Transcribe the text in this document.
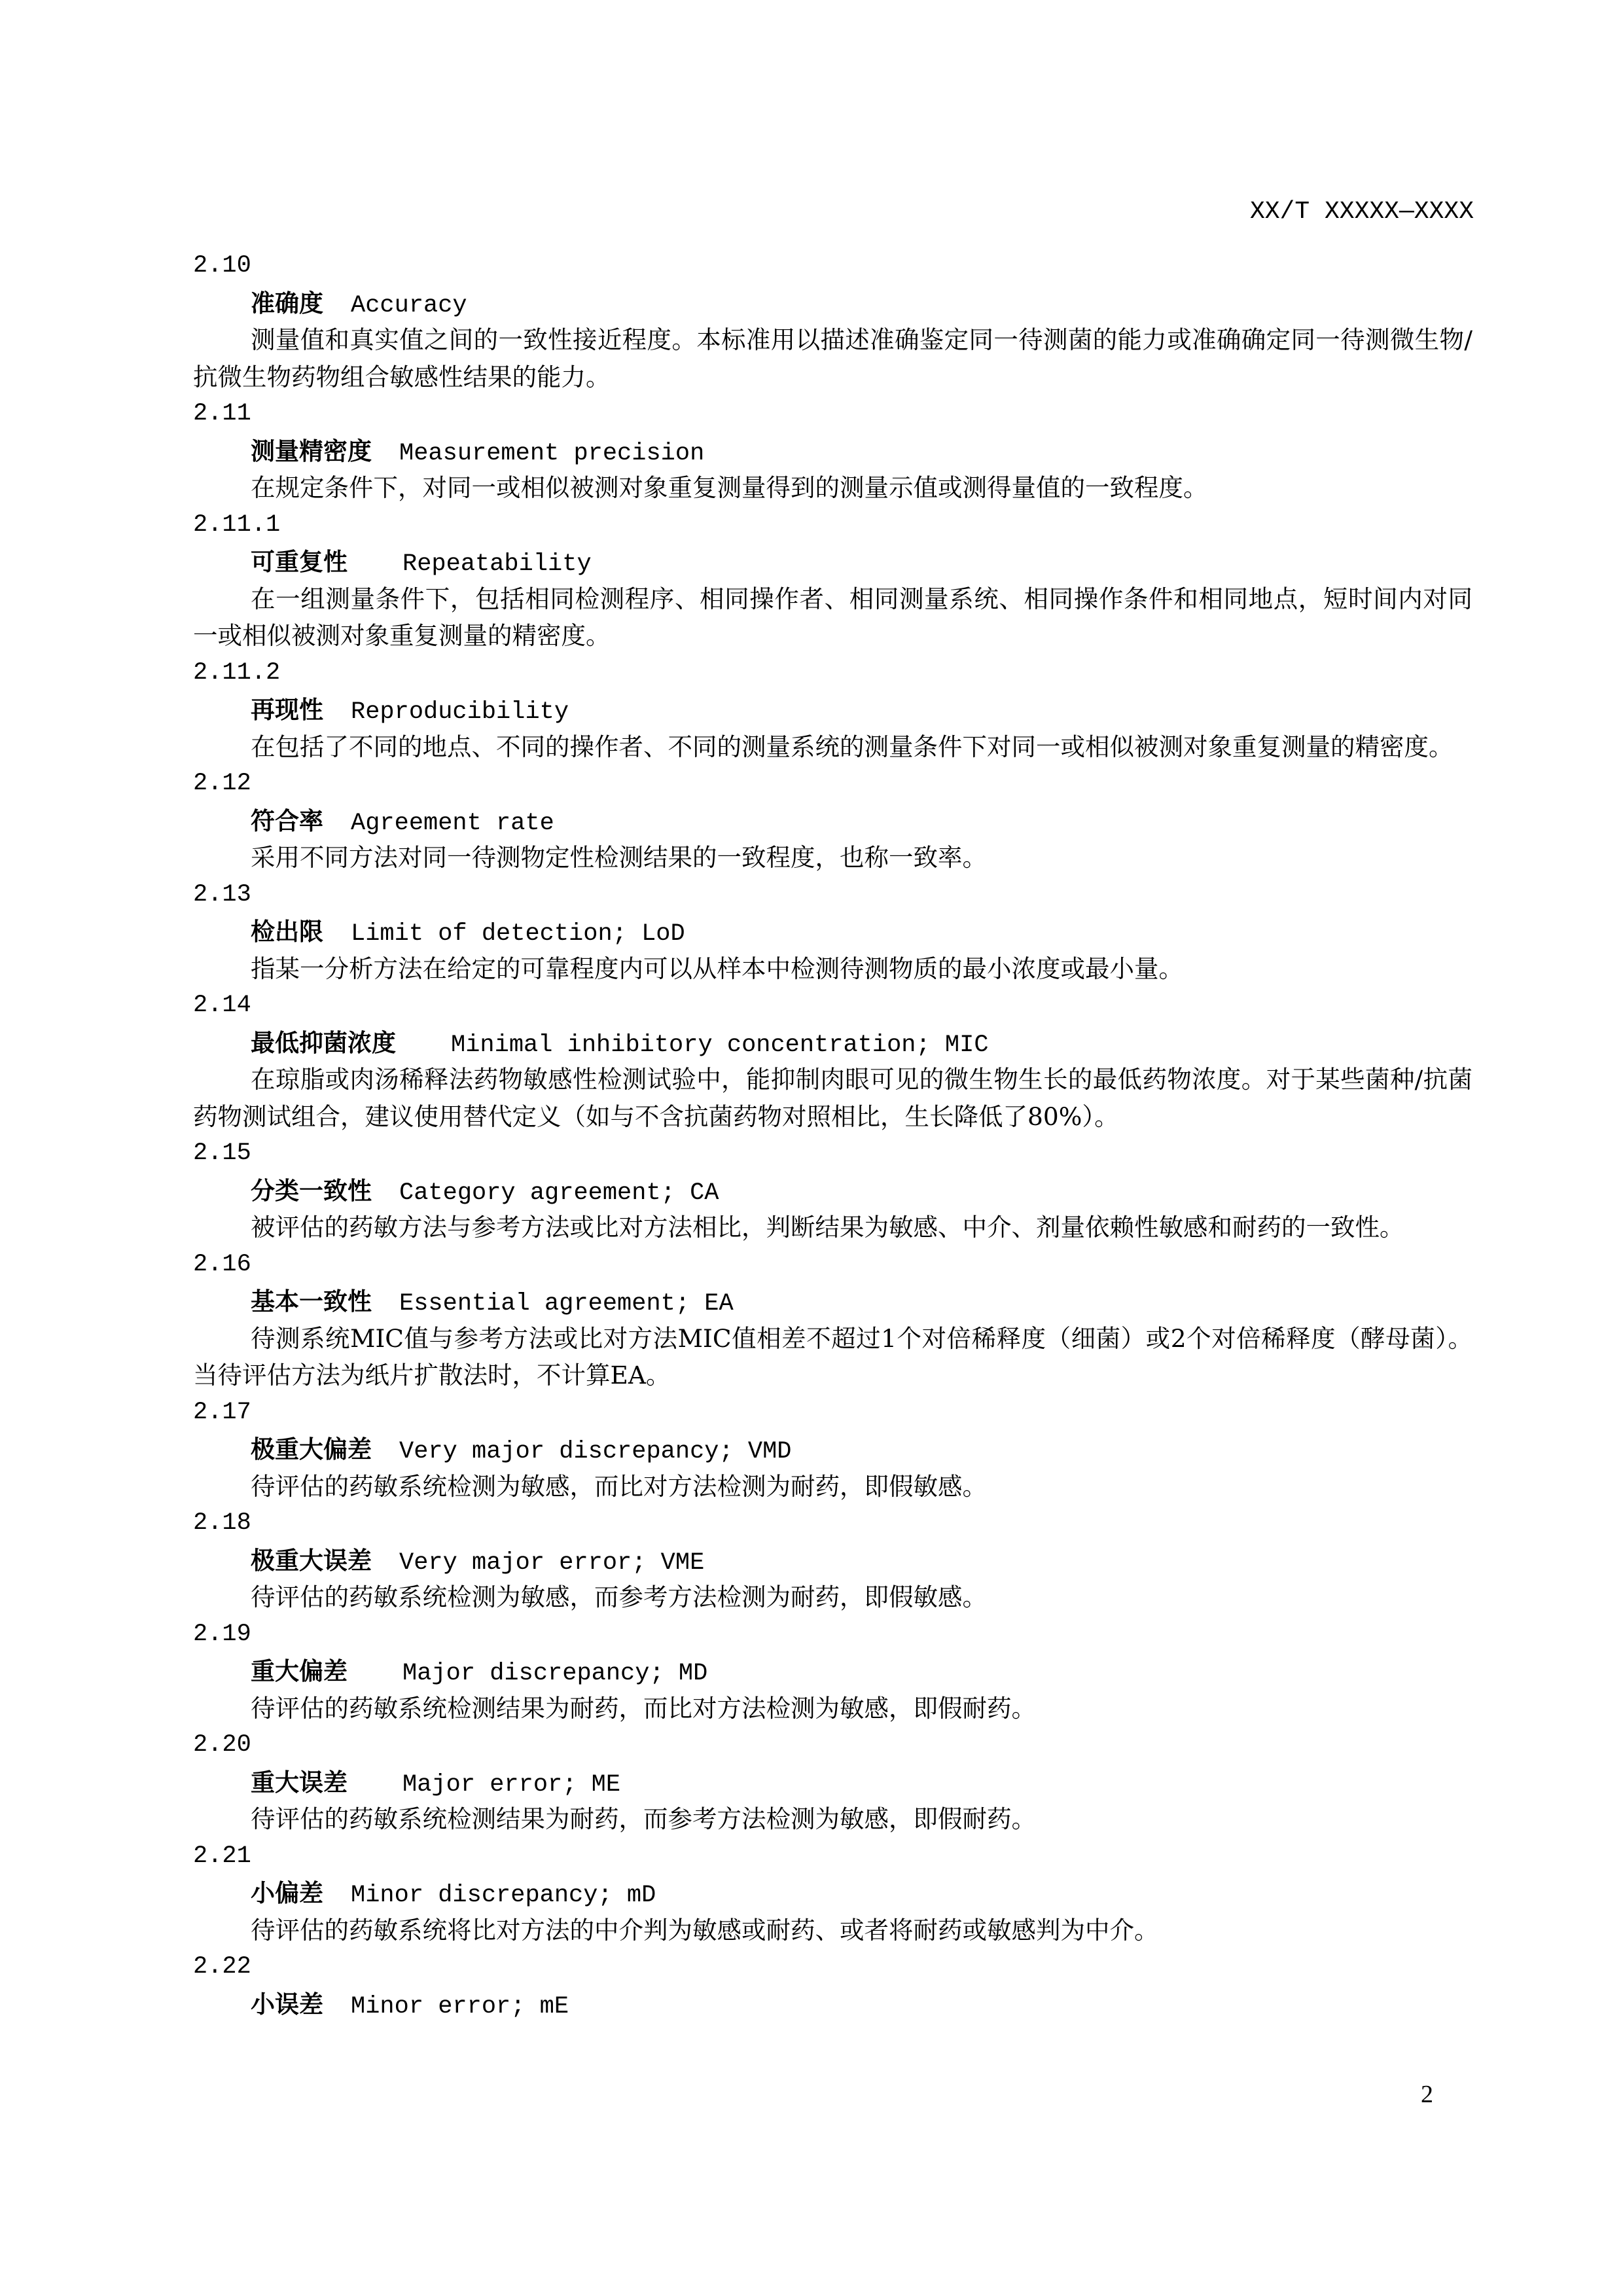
XX/T XXXXX—XXXX
2.10
准确度 Accuracy

测量值和真实值之间的一致性接近程度。本标准用以描述准确鉴定同一待测菌的能力或准确确定同一待测微生物/抗微生物药物组合敏感性结果的能力。

2.11
测量精密度 Measurement precision

在规定条件下，对同一或相似被测对象重复测量得到的测量示值或测得量值的一致程度。

2.11.1
可重复性 Repeatability

在一组测量条件下，包括相同检测程序、相同操作者、相同测量系统、相同操作条件和相同地点，短时间内对同一或相似被测对象重复测量的精密度。

2.11.2
再现性 Reproducibility

在包括了不同的地点、不同的操作者、不同的测量系统的测量条件下对同一或相似被测对象重复测量的精密度。

2.12
符合率 Agreement rate

采用不同方法对同一待测物定性检测结果的一致程度，也称一致率。

2.13
检出限 Limit of detection; LoD

指某一分析方法在给定的可靠程度内可以从样本中检测待测物质的最小浓度或最小量。

2.14
最低抑菌浓度 Minimal inhibitory concentration; MIC

在琼脂或肉汤稀释法药物敏感性检测试验中，能抑制肉眼可见的微生物生长的最低药物浓度。对于某些菌种/抗菌药物测试组合，建议使用替代定义（如与不含抗菌药物对照相比，生长降低了80%）。

2.15
分类一致性 Category agreement; CA

被评估的药敏方法与参考方法或比对方法相比，判断结果为敏感、中介、剂量依赖性敏感和耐药的一致性。

2.16
基本一致性 Essential agreement; EA

待测系统MIC值与参考方法或比对方法MIC值相差不超过1个对倍稀释度（细菌）或2个对倍稀释度（酵母菌）。当待评估方法为纸片扩散法时，不计算EA。

2.17
极重大偏差 Very major discrepancy; VMD

待评估的药敏系统检测为敏感，而比对方法检测为耐药，即假敏感。

2.18
极重大误差 Very major error; VME

待评估的药敏系统检测为敏感，而参考方法检测为耐药，即假敏感。

2.19
重大偏差 Major discrepancy; MD

待评估的药敏系统检测结果为耐药，而比对方法检测为敏感，即假耐药。

2.20
重大误差 Major error; ME

待评估的药敏系统检测结果为耐药，而参考方法检测为敏感，即假耐药。

2.21
小偏差 Minor discrepancy; mD

待评估的药敏系统将比对方法的中介判为敏感或耐药、或者将耐药或敏感判为中介。

2.22
小误差 Minor error; mE
2
